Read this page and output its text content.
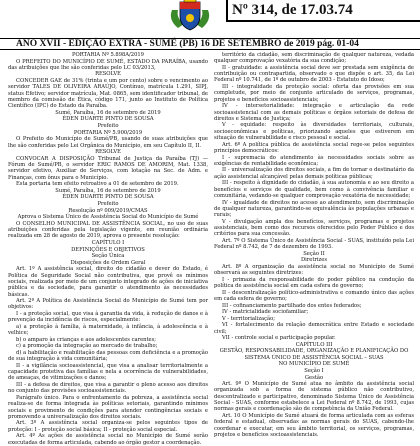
Nº 314, de 17.03.74
ANO XVII - EDIÇÃO EXTRA - SUMÉ (PB) 16 DE SETEMBRO de 2019 pág. 01-04

PORTARIA Nº 5.898A/2019

O PREFEITO DO MUNICÍPIO DE SUMÉ, ESTADO DA PARAÍBA, usando das atribuições que lhe são conferidas pelo LC 03/2013,

RESOLVE

CONCEDER GAE de 31% (trinta e um por cento) sobre o vencimento ao servidor TALES DE OLIVEIRA ARAÚJO, Contínuo, matrícula 1.291, SIPJ, status Efetivo; servidor matrícula, Mat. 0865, sem identificador tribunal, de membro da comissão de Ética, código 171, junto ao Instituto de Política Científico (IPC) do Estado da Paraíba.

Sumé, Paraíba, 16 de setembro de 2019

ÉDEN DUARTE PINTO DE SOUSA

Prefeito

PORTARIA Nº 5.900/2019

O Prefeito do Município de Sumé/PB, usando de suas atribuições que lhe são conferidas pelo Lei Orgânica do Município, em seu Capítulo II, II.

RESOLVE

CONVOCAR A DISPOSIÇÃO Tribunal de Justiça da Paraíba (TJ) — Fórum de Sumé/PB, o servidor ERIC RAMOS DE AMORIM, Mat. 1338, servidor efetivo, Auxiliar de Serviços, com lotação na Sec. de Adm. e Finanças, com ônus para o Município.

Esta portaria tem efeito retroativo a 01 de setembro de 2019.

Sumé, Paraíba, 16 de setembro de 2019

ÉDEN DUARTE PINTO DE SOUSA

Prefeito

Resolução nº 009/2019/CMAS

Aprova o Sistema Único de Assistência Social do Município de Sumé

O CONSELHO MUNICIPAL DE ASSISTÊNCIA SOCIAL, no uso de suas atribuições conferidas pela legislação vigente, em reunião ordinária realizada em 28 de agosto de 2019, aprova o presente resolução:

CAPÍTULO I

DEFINIÇÕES E OBJETIVOS

Seção Única

Disposições de Ordem Geral

Art. 1º A assistência social, direito do cidadão e dever do Estado, é Política de Seguridade Social não contributiva, que provê os mínimos sociais, realizada por meio de um conjunto integrado de ações de iniciativa pública e da sociedade, para garantir o atendimento às necessidades básicas.

Art. 2º A Política de Assistência Social do Município de Sumé tem por objetivos:

I - a proteção social, que visa à garantia da vida, à redução de danos e à prevenção da incidência de riscos, especialmente:

a) a proteção à família, à maternidade, à infância, à adolescência e à velhice;

b) o amparo às crianças e aos adolescentes carentes;

c) a promoção da integração ao mercado de trabalho;

d) a habilitação e reabilitação das pessoas com deficiência e a promoção de sua integração à vida comunitária;

II - a vigilância socioassistencial, que visa a analisar territorialmente a capacidade protetiva das famílias e nela a ocorrência de vulnerabilidades, de ameaças, de vitimizações e danos;

III - a defesa de direitos, que visa a garantir o pleno acesso aos direitos no conjunto das provisões socioassistenciais.

Parágrafo único. Para o enfrentamento da pobreza, a assistência social realiza-se de forma integrada às políticas setoriais, garantindo mínimos sociais e provimento de condições para atender contingências sociais e promovendo a universalização dos direitos sociais.

Art. 3º A assistência social organiza-se pelos seguintes tipos de proteção: I - proteção social básica; II - proteção social especial.

Art. 4º As ações de assistência social no Município de Sumé serão executadas de forma articulada, cabendo ao órgão gestor a coordenação.

território da cidadão, sem discriminação de qualquer natureza, vedada qualquer comprovação vexatória da sua condição;

II - gratuidade: a assistência social deve ser prestada sem exigência de contribuição ou contrapartida, observado o que dispõe o art. 35, da Lei Federal nº 10.741, de 1º de outubro de 2003 - Estatuto do Idoso;

III - integralidade da proteção social: oferta das provisões em sua completude, por meio de conjunto articulado de serviços, programas, projetos e benefícios socioassistenciais;

IV - intersetorialidade: integração e articulação da rede socioassistencial com as demais políticas e órgãos setoriais de defesa de direitos e Sistema de Justiça;

V - equidade: respeito às diversidades territoriais, culturais, socioeconômicas e políticas, priorizando aqueles que estiverem em situação de vulnerabilidade e risco pessoal e social.

Art. 6º A política pública de assistência social rege-se pelos seguintes princípios democráticos:

I - supremacia do atendimento às necessidades sociais sobre as exigências de rentabilidade econômica;

II - universalização dos direitos sociais, a fim de tornar o destinatário da ação assistencial alcançável pelas demais políticas públicas;

III - respeito à dignidade do cidadão, à sua autonomia e ao seu direito a benefícios e serviços de qualidade, bem como à convivência familiar e comunitária, vedando-se qualquer comprovação vexatória de necessidade;

IV - igualdade de direitos no acesso ao atendimento, sem discriminação de qualquer natureza, garantindo-se equivalência às populações urbanas e rurais;

V - divulgação ampla dos benefícios, serviços, programas e projetos assistenciais, bem como dos recursos oferecidos pelo Poder Público e dos critérios para sua concessão.

Art. 7º O Sistema Único de Assistência Social - SUAS, instituído pela Lei Federal nº 8.742, de 7 de dezembro de 1993.

Seção II

Diretrizes

Art. 8º A organização da assistência social no Município de Sumé observará as seguintes diretrizes:

I - primazia da responsabilidade do poder público na condução da política de assistência social em cada esfera de governo;

II - descentralização político-administrativa e comando único das ações em cada esfera de governo;

III - cofinanciamento partilhado dos entes federados;

IV - matricialidade sociofamiliar;

V - territorialização;

VI - fortalecimento da relação democrática entre Estado e sociedade civil;

VII - controle social e participação popular.

CAPÍTULO III

GESTÃO, RESPONSABILIDADE, ORGANIZAÇÃO E PLANIFICAÇÃO DO SISTEMA ÚNICO DE ASSISTÊNCIA SOCIAL – SUAS

NO MUNICÍPIO DE SUMÉ

Seção I

Gestão

Art. 9º O Município de Sumé atua no âmbito da assistência social organizada sob a forma de sistema público não contributivo, descentralizado e participativo, denominado Sistema Único de Assistência Social - SUAS, conforme estabelece a Lei Federal nº 8.742, de 1993, cujas normas gerais e coordenação são de competência da União Federal.

Art. 10 O Município de Sumé atuará de forma articulada com as esferas federal e estadual, observadas as normas gerais do SUAS, cabendo-lhe coordenar e executar, em seu âmbito territorial, os serviços, programas, projetos e benefícios socioassistenciais.
